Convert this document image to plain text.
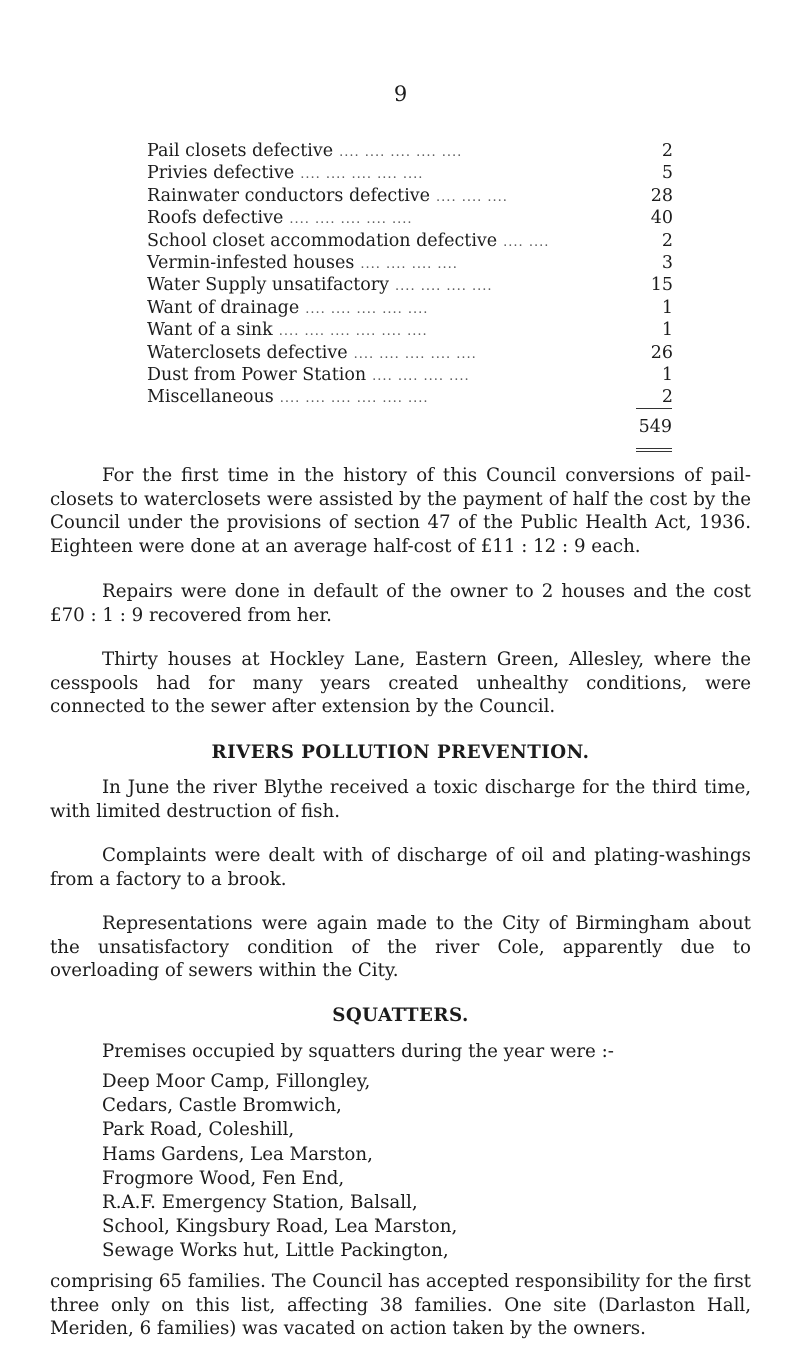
9
Pail closets defective .... .... .... .... ....	2
Privies defective .... .... .... .... ....	5
Rainwater conductors defective .... .... ....	28
Roofs defective .... .... .... .... ....	40
School closet accommodation defective .... ....	2
Vermin-infested houses .... .... .... ....	3
Water Supply unsatifactory .... .... .... ....	15
Want of drainage .... .... .... .... ....	1
Want of a sink .... .... .... .... .... ....	1
Waterclosets defective .... .... .... .... ....	26
Dust from Power Station .... .... .... ....	1
Miscellaneous .... .... .... .... .... ....	2
549

For the first time in the history of this Council conversions of pail-closets to waterclosets were assisted by the payment of half the cost by the Council under the provisions of section 47 of the Public Health Act, 1936. Eighteen were done at an average half-cost of £11 : 12 : 9 each.

Repairs were done in default of the owner to 2 houses and the cost £70 : 1 : 9 recovered from her.

Thirty houses at Hockley Lane, Eastern Green, Allesley, where the cesspools had for many years created unhealthy conditions, were connected to the sewer after extension by the Council.

RIVERS POLLUTION PREVENTION.

In June the river Blythe received a toxic discharge for the third time, with limited destruction of fish.

Complaints were dealt with of discharge of oil and plating-washings from a factory to a brook.

Representations were again made to the City of Birmingham about the unsatisfactory condition of the river Cole, apparently due to overloading of sewers within the City.

SQUATTERS.

Premises occupied by squatters during the year were :-

Deep Moor Camp, Fillongley,
Cedars, Castle Bromwich,
Park Road, Coleshill,
Hams Gardens, Lea Marston,
Frogmore Wood, Fen End,
R.A.F. Emergency Station, Balsall,
School, Kingsbury Road, Lea Marston,
Sewage Works hut, Little Packington,

comprising 65 families. The Council has accepted responsibility for the first three only on this list, affecting 38 families. One site (Darlaston Hall, Meriden, 6 families) was vacated on action taken by the owners.
